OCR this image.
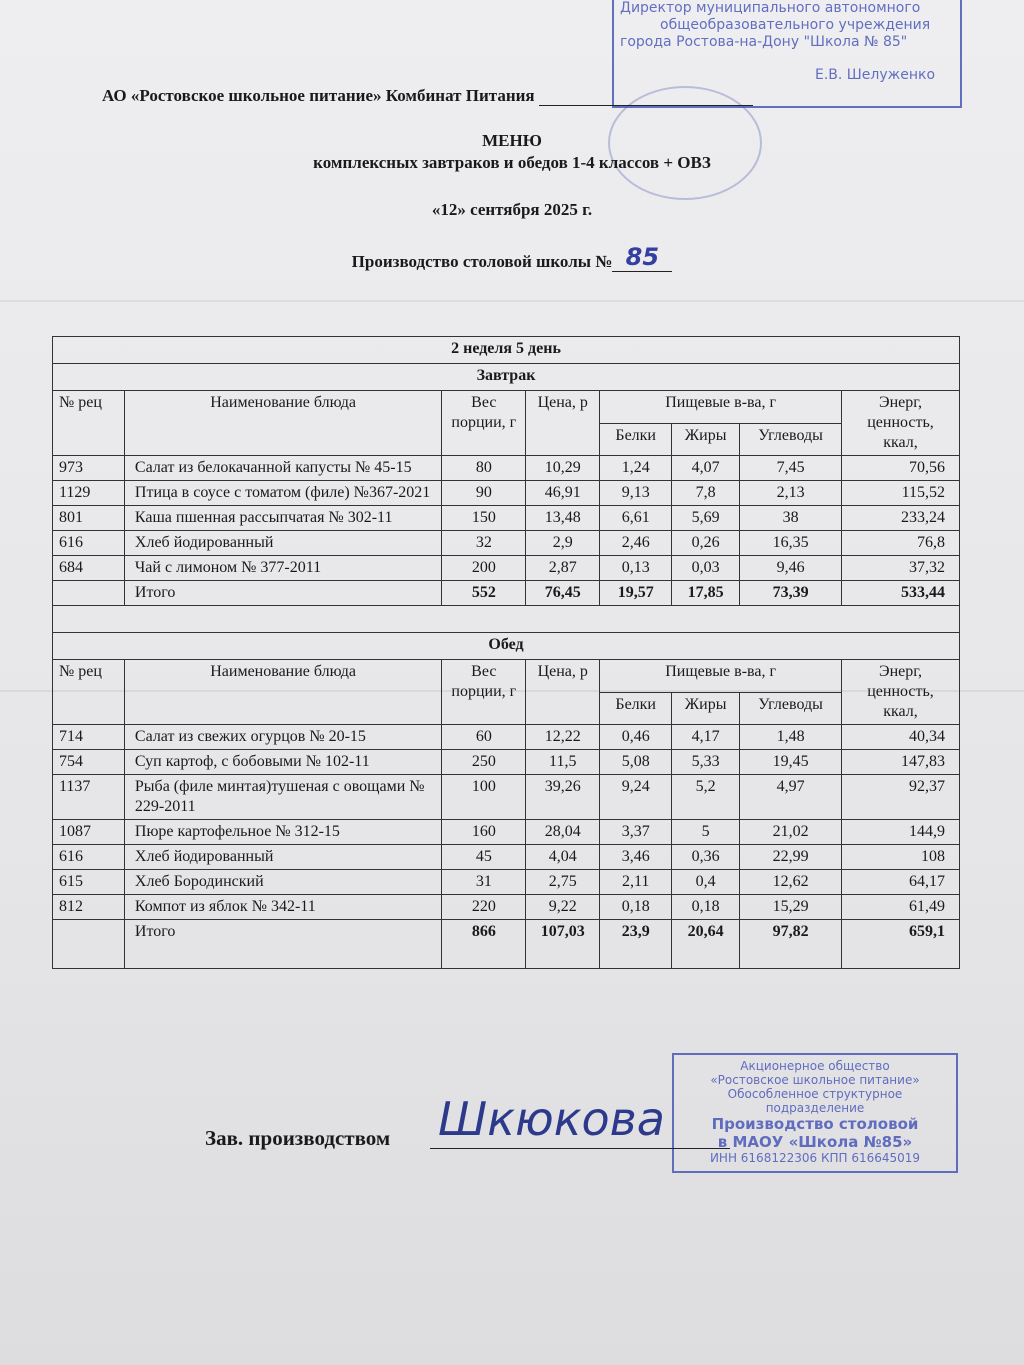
Директор муниципального автономного
общеобразовательного учреждения
города Ростова-на-Дону "Школа № 85"
Е.В. Шелуженко
АО «Ростовское школьное питание» Комбинат Питания
МЕНЮ
комплексных завтраков и обедов 1-4 классов + ОВЗ
«12» сентября 2025 г.
Производство столовой школы № 85
2 неделя 5 день							
Завтрак							
№ рец	Наименование блюда	Вес порции, г	Цена, р	Пищевые в-ва, г			Энерг, ценность, ккал,
				Белки	Жиры	Углеводы	
973	Салат из белокачанной капусты № 45-15	80	10,29	1,24	4,07	7,45	70,56
1129	Птица в соусе с томатом (филе) №367-2021	90	46,91	9,13	7,8	2,13	115,52
801	Каша пшенная рассыпчатая № 302-11	150	13,48	6,61	5,69	38	233,24
616	Хлеб йодированный	32	2,9	2,46	0,26	16,35	76,8
684	Чай с лимоном № 377-2011	200	2,87	0,13	0,03	9,46	37,32
	Итого	552	76,45	19,57	17,85	73,39	533,44

Обед							
№ рец	Наименование блюда	Вес порции, г	Цена, р	Пищевые в-ва, г			Энерг, ценность, ккал,
				Белки	Жиры	Углеводы	
714	Салат из свежих огурцов № 20-15	60	12,22	0,46	4,17	1,48	40,34
754	Суп картоф, с бобовыми № 102-11	250	11,5	5,08	5,33	19,45	147,83
1137	Рыба (филе минтая)тушеная с овощами № 229-2011	100	39,26	9,24	5,2	4,97	92,37
1087	Пюре картофельное № 312-15	160	28,04	3,37	5	21,02	144,9
616	Хлеб йодированный	45	4,04	3,46	0,36	22,99	108
615	Хлеб Бородинский	31	2,75	2,11	0,4	12,62	64,17
812	Компот из яблок № 342-11	220	9,22	0,18	0,18	15,29	61,49
	Итого	866	107,03	23,9	20,64	97,82	659,1
Акционерное общество
«Ростовское школьное питание»
Обособленное структурное подразделение
Производство столовой
в МАОУ «Школа №85»
ИНН 6168122306 КПП 616645019
Зав. производством Шкюкова
